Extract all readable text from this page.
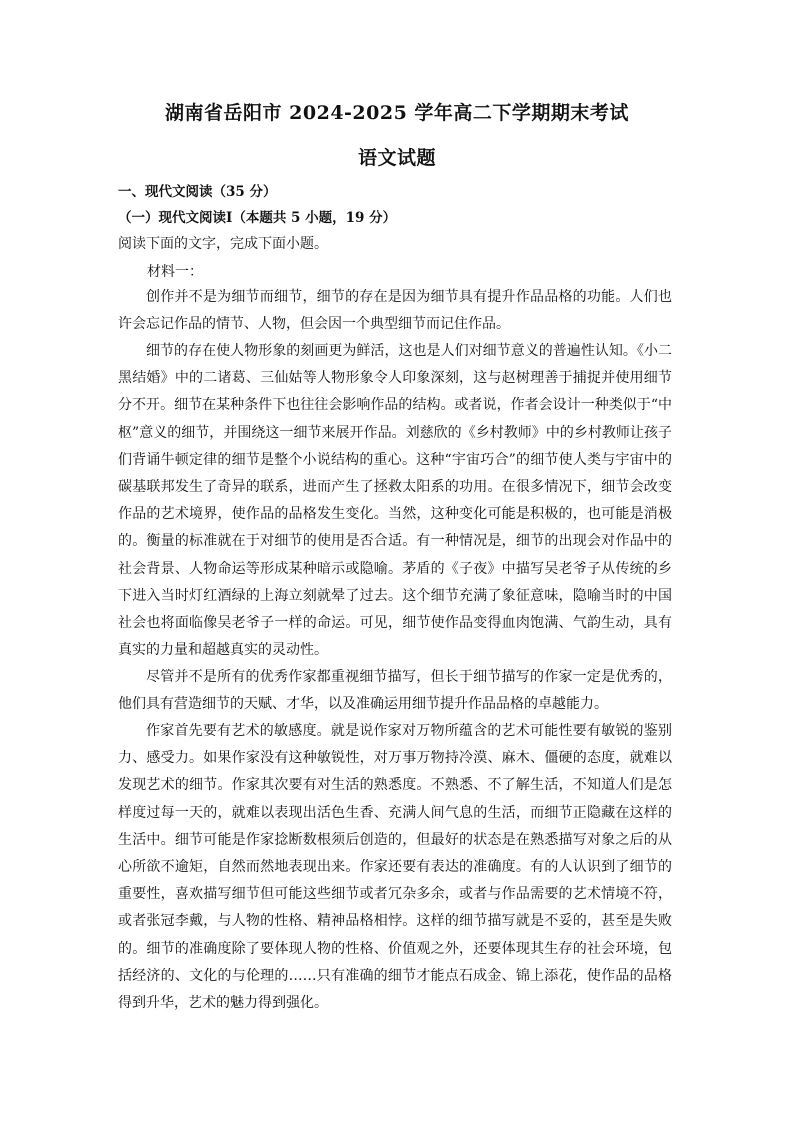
湖南省岳阳市 2024-2025 学年高二下学期期末考试
语文试题
一、现代文阅读（35 分）
（一）现代文阅读Ⅰ（本题共 5 小题，19 分）
阅读下面的文字，完成下面小题。
材料一：

创作并不是为细节而细节，细节的存在是因为细节具有提升作品品格的功能。人们也许会忘记作品的情节、人物，但会因一个典型细节而记住作品。

细节的存在使人物形象的刻画更为鲜活，这也是人们对细节意义的普遍性认知。《小二黑结婚》中的二诸葛、三仙姑等人物形象令人印象深刻，这与赵树理善于捕捉并使用细节分不开。细节在某种条件下也往往会影响作品的结构。或者说，作者会设计一种类似于“中枢”意义的细节，并围绕这一细节来展开作品。刘慈欣的《乡村教师》中的乡村教师让孩子们背诵牛顿定律的细节是整个小说结构的重心。这种“宇宙巧合”的细节使人类与宇宙中的碳基联邦发生了奇异的联系，进而产生了拯救太阳系的功用。在很多情况下，细节会改变作品的艺术境界，使作品的品格发生变化。当然，这种变化可能是积极的，也可能是消极的。衡量的标准就在于对细节的使用是否合适。有一种情况是，细节的出现会对作品中的社会背景、人物命运等形成某种暗示或隐喻。茅盾的《子夜》中描写吴老爷子从传统的乡下进入当时灯红酒绿的上海立刻就晕了过去。这个细节充满了象征意味，隐喻当时的中国社会也将面临像吴老爷子一样的命运。可见，细节使作品变得血肉饱满、气韵生动，具有真实的力量和超越真实的灵动性。

尽管并不是所有的优秀作家都重视细节描写，但长于细节描写的作家一定是优秀的，他们具有营造细节的天赋、才华，以及准确运用细节提升作品品格的卓越能力。

作家首先要有艺术的敏感度。就是说作家对万物所蕴含的艺术可能性要有敏锐的鉴别力、感受力。如果作家没有这种敏锐性，对万事万物持冷漠、麻木、僵硬的态度，就难以发现艺术的细节。作家其次要有对生活的熟悉度。不熟悉、不了解生活，不知道人们是怎样度过每一天的，就难以表现出活色生香、充满人间气息的生活，而细节正隐藏在这样的生活中。细节可能是作家捻断数根须后创造的，但最好的状态是在熟悉描写对象之后的从心所欲不逾矩，自然而然地表现出来。作家还要有表达的准确度。有的人认识到了细节的重要性，喜欢描写细节但可能这些细节或者冗杂多余，或者与作品需要的艺术情境不符，或者张冠李戴，与人物的性格、精神品格相悖。这样的细节描写就是不妥的，甚至是失败的。细节的准确度除了要体现人物的性格、价值观之外，还要体现其生存的社会环境，包括经济的、文化的与伦理的……只有准确的细节才能点石成金、锦上添花，使作品的品格得到升华，艺术的魅力得到强化。
